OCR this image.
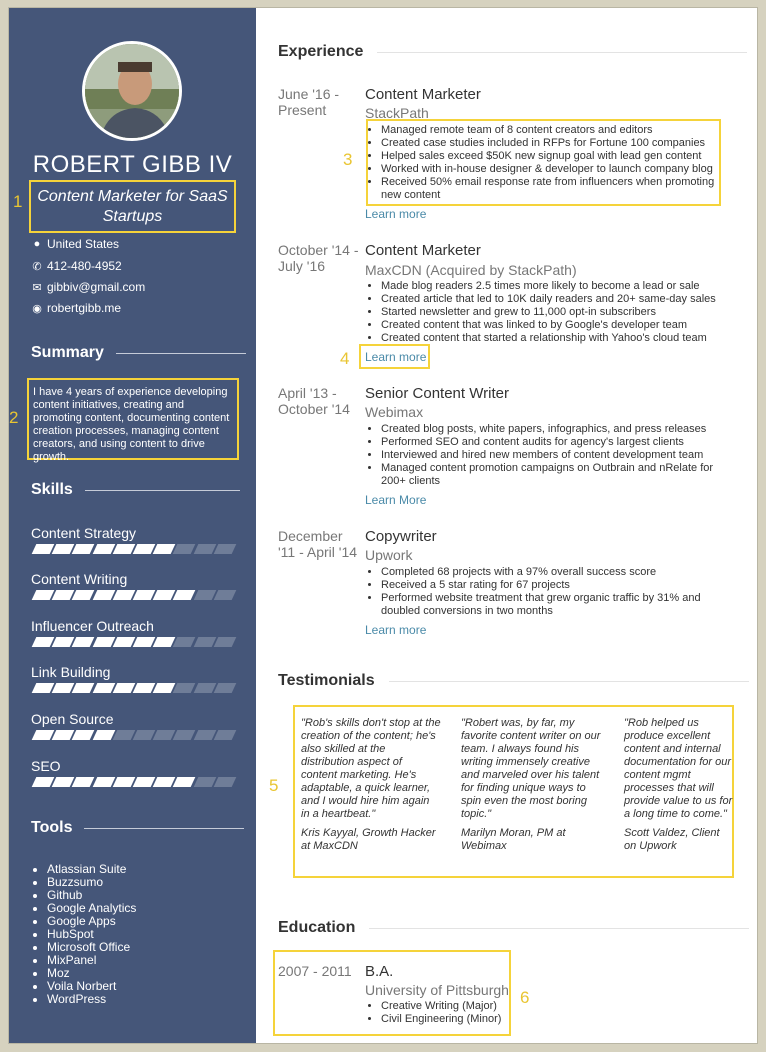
ROBERT GIBB IV
Content Marketer for SaaS Startups
1
● United States
✆ 412-480-4952
✉ gibbiv@gmail.com
◉ robertgibb.me
Summary
I have 4 years of experience developing content initiatives, creating and promoting content, documenting content creation processes, managing content creators, and using content to drive growth.
2
Skills
Content Strategy
Content Writing
Influencer Outreach
Link Building
Open Source
SEO
Tools
• Atlassian Suite
• Buzzsumo
• Github
• Google Analytics
• Google Apps
• HubSpot
• Microsoft Office
• MixPanel
• Moz
• Voila Norbert
• WordPress
Experience
June '16 -
Present
Content Marketer
StackPath
3
• Managed remote team of 8 content creators and editors
• Created case studies included in RFPs for Fortune 100 companies
• Helped sales exceed $50K new signup goal with lead gen content
• Worked with in-house designer & developer to launch company blog
• Received 50% email response rate from influencers when promoting new content
Learn more
October '14 -
July '16
Content Marketer
MaxCDN (Acquired by StackPath)
• Made blog readers 2.5 times more likely to become a lead or sale
• Created article that led to 10K daily readers and 20+ same-day sales
• Started newsletter and grew to 11,000 opt-in subscribers
• Created content that was linked to by Google's developer team
• Created content that started a relationship with Yahoo's cloud team
4 Learn more
April '13 -
October '14
Senior Content Writer
Webimax
• Created blog posts, white papers, infographics, and press releases
• Performed SEO and content audits for agency's largest clients
• Interviewed and hired new members of content development team
• Managed content promotion campaigns on Outbrain and nRelate for 200+ clients
Learn More
December
'11 - April '14
Copywriter
Upwork
• Completed 68 projects with a 97% overall success score
• Received a 5 star rating for 67 projects
• Performed website treatment that grew organic traffic by 31% and doubled conversions in two months
Learn more
Testimonials
5
"Rob's skills don't stop at the creation of the content; he's also skilled at the distribution aspect of content marketing. He's adaptable, a quick learner, and I would hire him again in a heartbeat."
Kris Kayyal, Growth Hacker at MaxCDN
"Robert was, by far, my favorite content writer on our team. I always found his writing immensely creative and marveled over his talent for finding unique ways to spin even the most boring topic."
Marilyn Moran, PM at Webimax
"Rob helped us produce excellent content and internal documentation for our content mgmt processes that will provide value to us for a long time to come."
Scott Valdez, Client on Upwork
Education
6
2007 - 2011 B.A.
University of Pittsburgh
• Creative Writing (Major)
• Civil Engineering (Minor)
